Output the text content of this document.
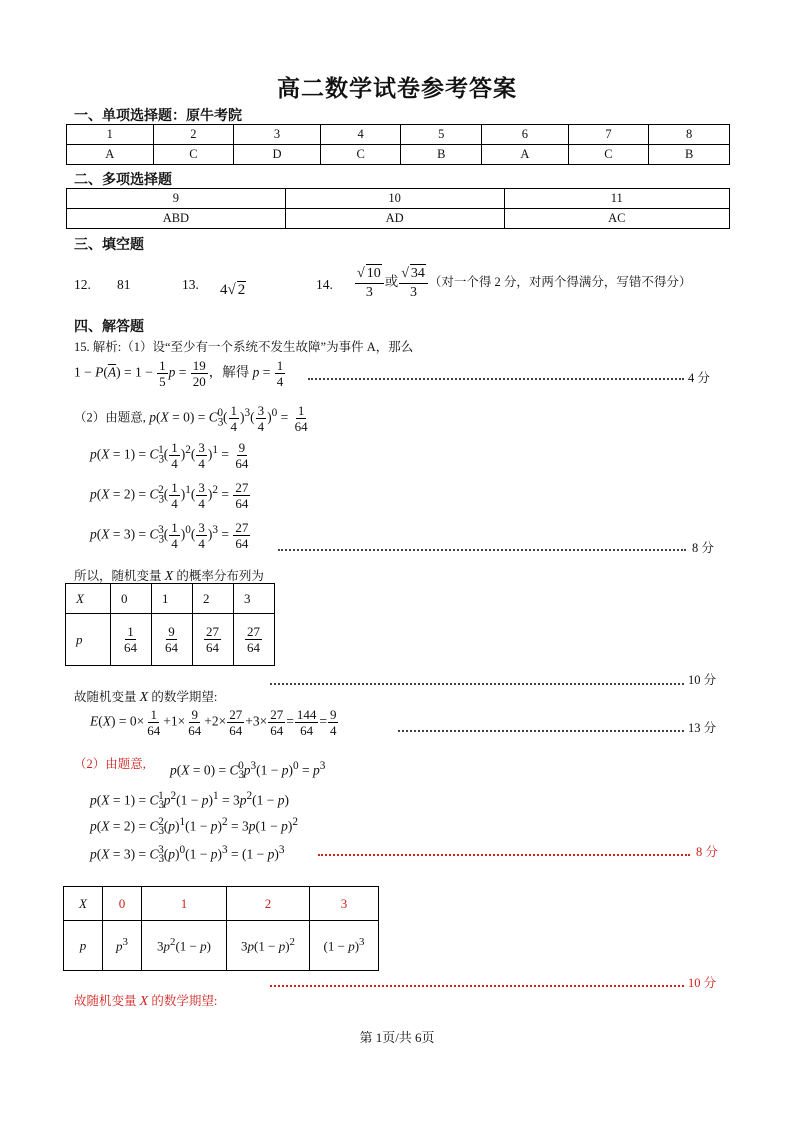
高二数学试卷参考答案
一、单项选择题：原牛考院
1	2	3	4	5	6	7	8
A	C	D	C	B	A	C	B
二、多项选择题
9	10	11
ABD	AD	AC
三、填空题
12. 81	13. 4√ 2	14. $\frac{√ 10}{3}$ 或 $\frac{√ 34}{3}$ （对一个得 2 分，对两个得满分，写错不得分）
四、解答题
15. 解析:（1）设“至少有一个系统不发生故障”为事件 A，那么
$1 - P(\overline{A}) = 1 - \frac{1}{5}$ $p = \frac{19}{20}$ ，解得 $p = \frac{1}{4}$	4 分
（2）由题意, $p(X = 0) = C_3^0( \frac{1}{4} )^3( \frac{3}{4} )^0 = \frac{1}{64}$
$p(X = 1) = C_3^1( \frac{1}{4} )^2( \frac{3}{4} )^1 = \frac{9}{64}$
$p(X = 2) = C_3^2( \frac{1}{4} )^1( \frac{3}{4} )^2 = \frac{27}{64}$
$p(X = 3) = C_3^3( \frac{1}{4} )^0( \frac{3}{4} )^3 = \frac{27}{64}$	8 分
所以，随机变量 X 的概率分布列为
X	0	1	2	3
p	$\frac{1}{64}$	$\frac{9}{64}$	$\frac{27}{64}$	$\frac{27}{64}$
10 分
故随机变量 X 的数学期望:
$E(X) = 0\times \frac{1}{64} +1\times \frac{9}{64} +2\times \frac{27}{64} +3\times \frac{27}{64} = \frac{144}{64} = \frac{9}{4}$	13 分
（2）由题意, $p(X = 0) = C_3^0p^3(1 - p)^0 = p^3$
$p(X = 1) = C_3^1p^2(1 - p)^1 = 3p^2(1 - p)$
$p(X = 2) = C_3^2(p)^1(1 - p)^2 = 3p(1 - p)^2$
$p(X = 3) = C_3^3(p)^0(1 - p)^3 = (1 - p)^3$	8 分
X	0	1	2	3
p	$p^3$	$3p^2(1 - p)$	$3p(1 - p)^2$	$(1 - p)^3$
10 分
故随机变量 X 的数学期望:
第 1页/共 6页
